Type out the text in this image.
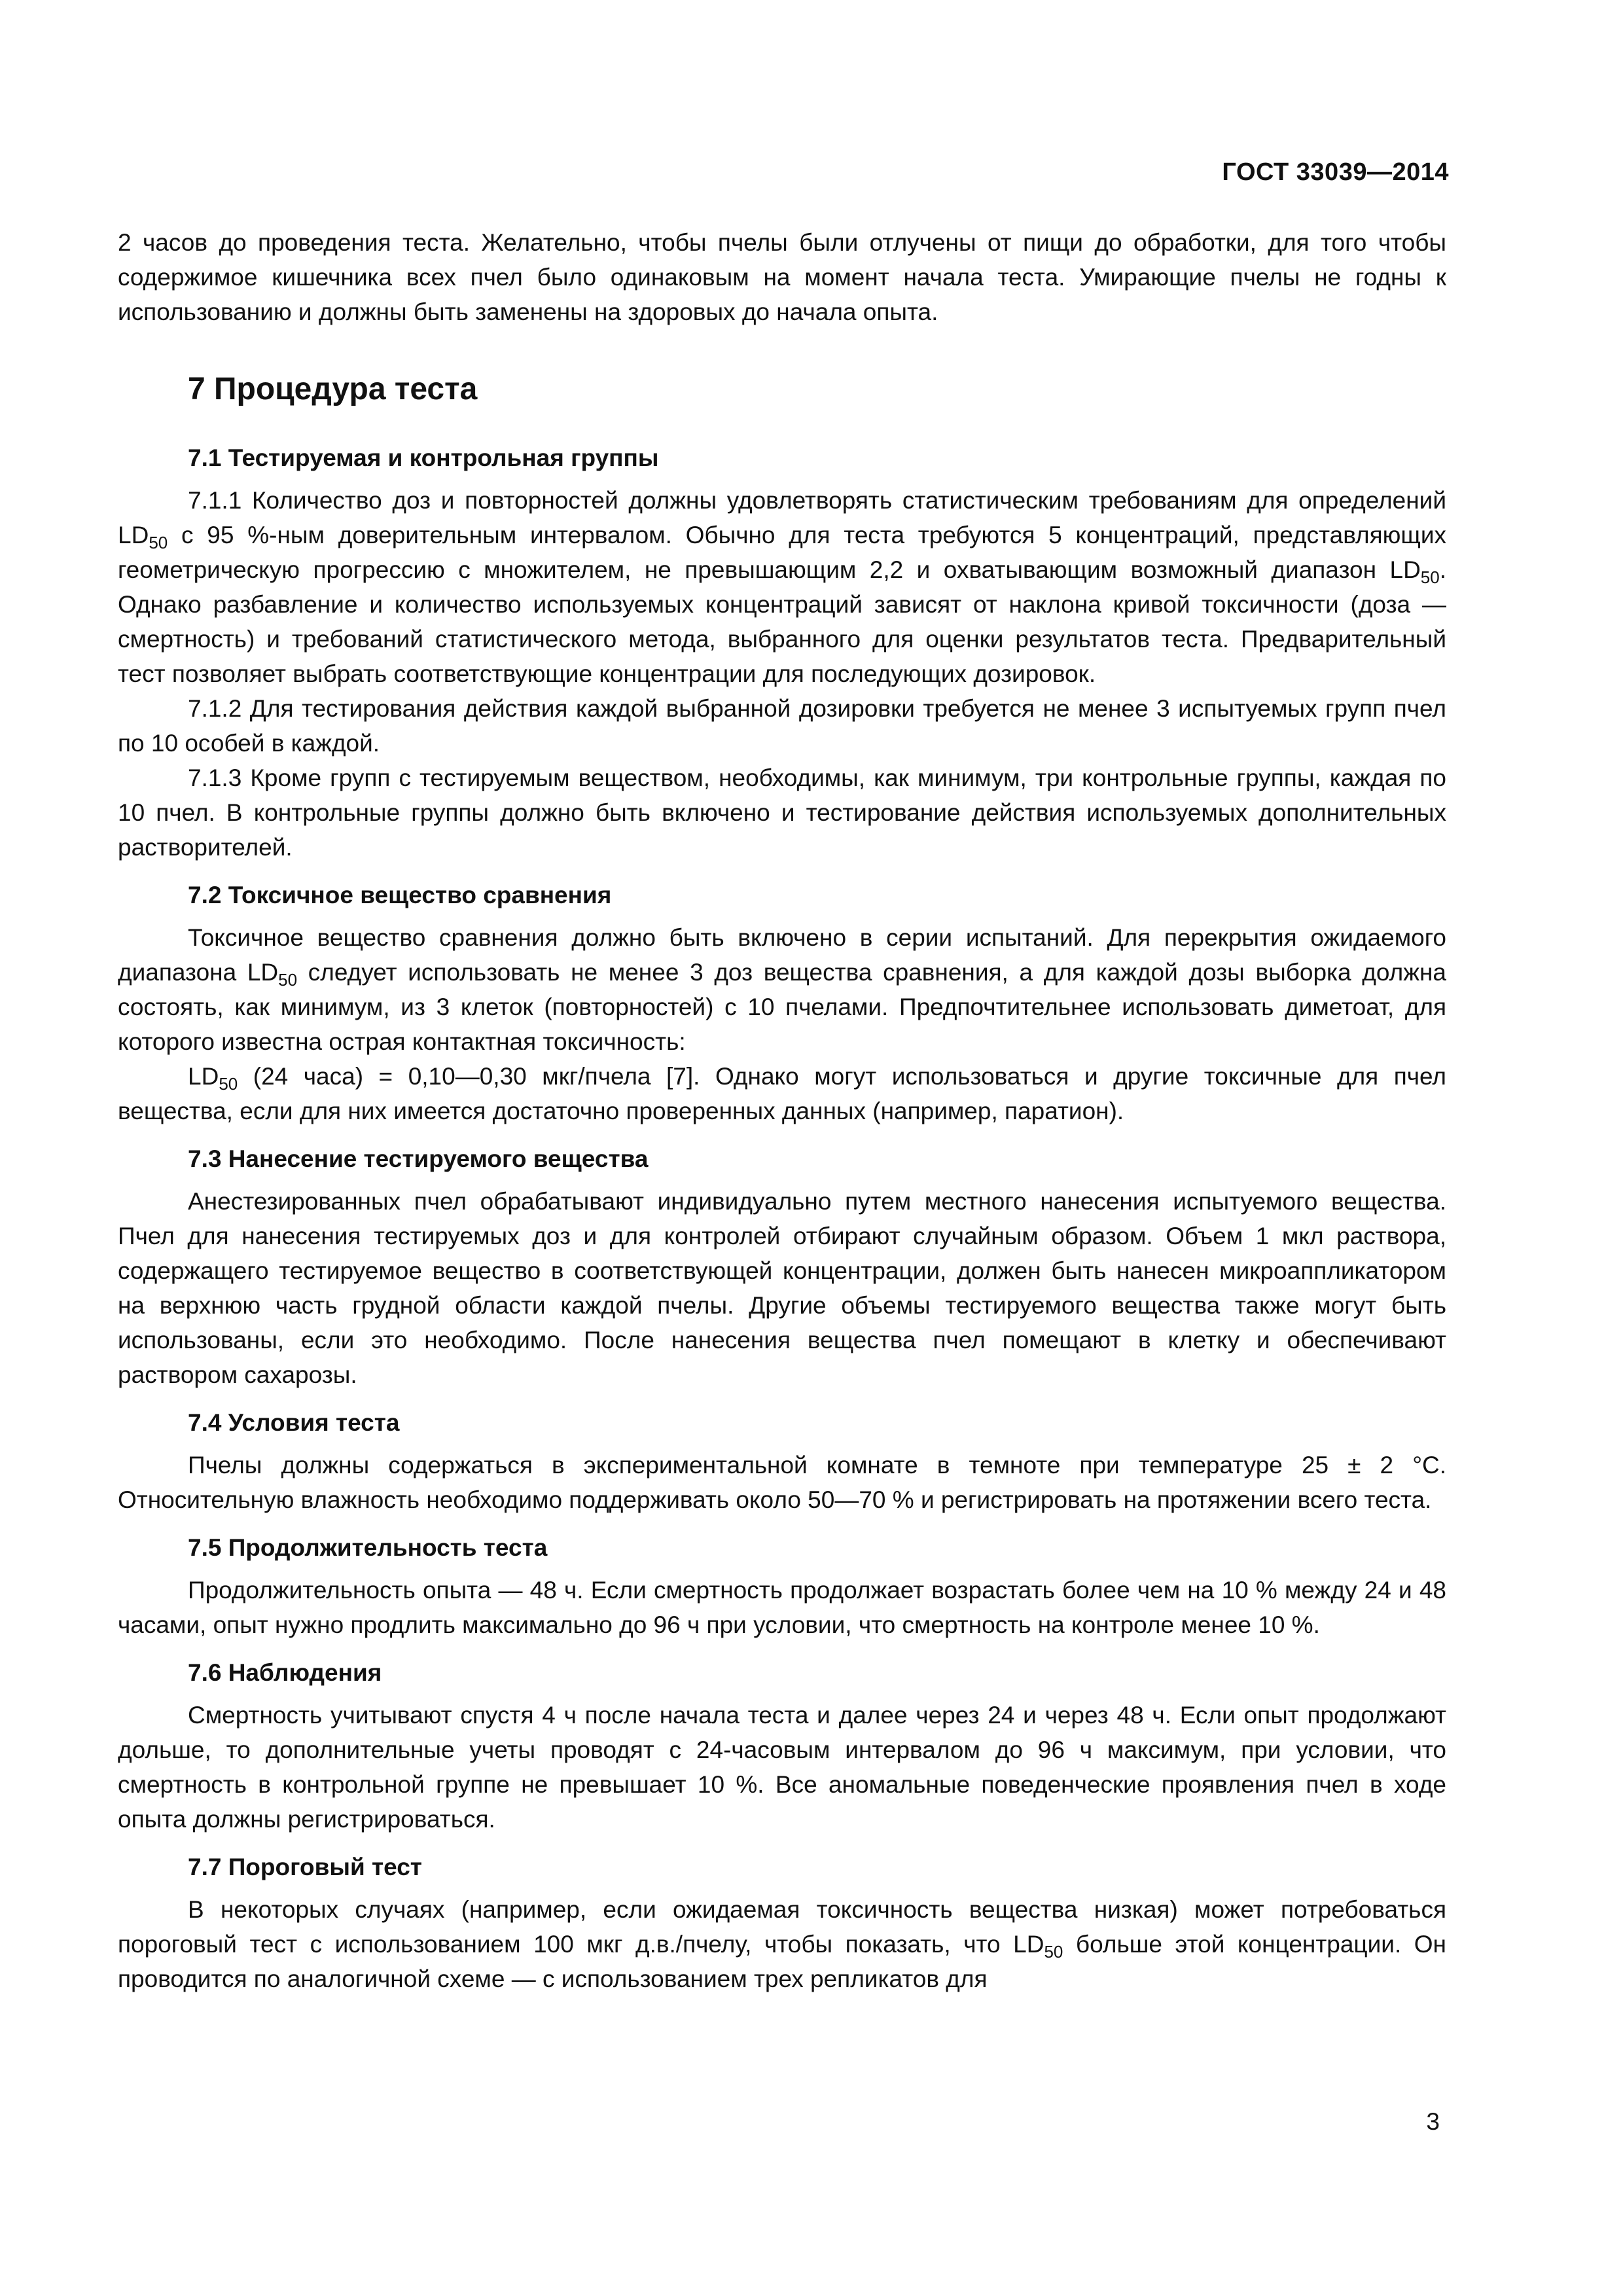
ГОСТ 33039—2014

2 часов до проведения теста. Желательно, чтобы пчелы были отлучены от пищи до обработки, для того чтобы содержимое кишечника всех пчел было одинаковым на момент начала теста. Умирающие пчелы не годны к использованию и должны быть заменены на здоровых до начала опыта.

7 Процедура теста
7.1 Тестируемая и контрольная группы

7.1.1 Количество доз и повторностей должны удовлетворять статистическим требованиям для определений $LD_{50}$ с 95 %-ным доверительным интервалом. Обычно для теста требуются 5 концентраций, представляющих геометрическую прогрессию с множителем, не превышающим 2,2 и охватывающим возможный диапазон $LD_{50}$. Однако разбавление и количество используемых концентраций зависят от наклона кривой токсичности (доза — смертность) и требований статистического метода, выбранного для оценки результатов теста. Предварительный тест позволяет выбрать соответствующие концентрации для последующих дозировок.

7.1.2 Для тестирования действия каждой выбранной дозировки требуется не менее 3 испытуемых групп пчел по 10 особей в каждой.

7.1.3 Кроме групп с тестируемым веществом, необходимы, как минимум, три контрольные группы, каждая по 10 пчел. В контрольные группы должно быть включено и тестирование действия используемых дополнительных растворителей.

7.2 Токсичное вещество сравнения

Токсичное вещество сравнения должно быть включено в серии испытаний. Для перекрытия ожидаемого диапазона $LD_{50}$ следует использовать не менее 3 доз вещества сравнения, а для каждой дозы выборка должна состоять, как минимум, из 3 клеток (повторностей) с 10 пчелами. Предпочтительнее использовать диметоат, для которого известна острая контактная токсичность:

$LD_{50}$ (24 часа) = 0,10—0,30 мкг/пчела [7]. Однако могут использоваться и другие токсичные для пчел вещества, если для них имеется достаточно проверенных данных (например, паратион).

7.3 Нанесение тестируемого вещества

Анестезированных пчел обрабатывают индивидуально путем местного нанесения испытуемого вещества. Пчел для нанесения тестируемых доз и для контролей отбирают случайным образом. Объем 1 мкл раствора, содержащего тестируемое вещество в соответствующей концентрации, должен быть нанесен микроаппликатором на верхнюю часть грудной области каждой пчелы. Другие объемы тестируемого вещества также могут быть использованы, если это необходимо. После нанесения вещества пчел помещают в клетку и обеспечивают раствором сахарозы.

7.4 Условия теста

Пчелы должны содержаться в экспериментальной комнате в темноте при температуре 25 ± 2 °C. Относительную влажность необходимо поддерживать около 50—70 % и регистрировать на протяжении всего теста.

7.5 Продолжительность теста

Продолжительность опыта — 48 ч. Если смертность продолжает возрастать более чем на 10 % между 24 и 48 часами, опыт нужно продлить максимально до 96 ч при условии, что смертность на контроле менее 10 %.

7.6 Наблюдения

Смертность учитывают спустя 4 ч после начала теста и далее через 24 и через 48 ч. Если опыт продолжают дольше, то дополнительные учеты проводят с 24-часовым интервалом до 96 ч максимум, при условии, что смертность в контрольной группе не превышает 10 %. Все аномальные поведенческие проявления пчел в ходе опыта должны регистрироваться.

7.7 Пороговый тест

В некоторых случаях (например, если ожидаемая токсичность вещества низкая) может потребоваться пороговый тест с использованием 100 мкг д.в./пчелу, чтобы показать, что $LD_{50}$ больше этой концентрации. Он проводится по аналогичной схеме — с использованием трех репликатов для

3
